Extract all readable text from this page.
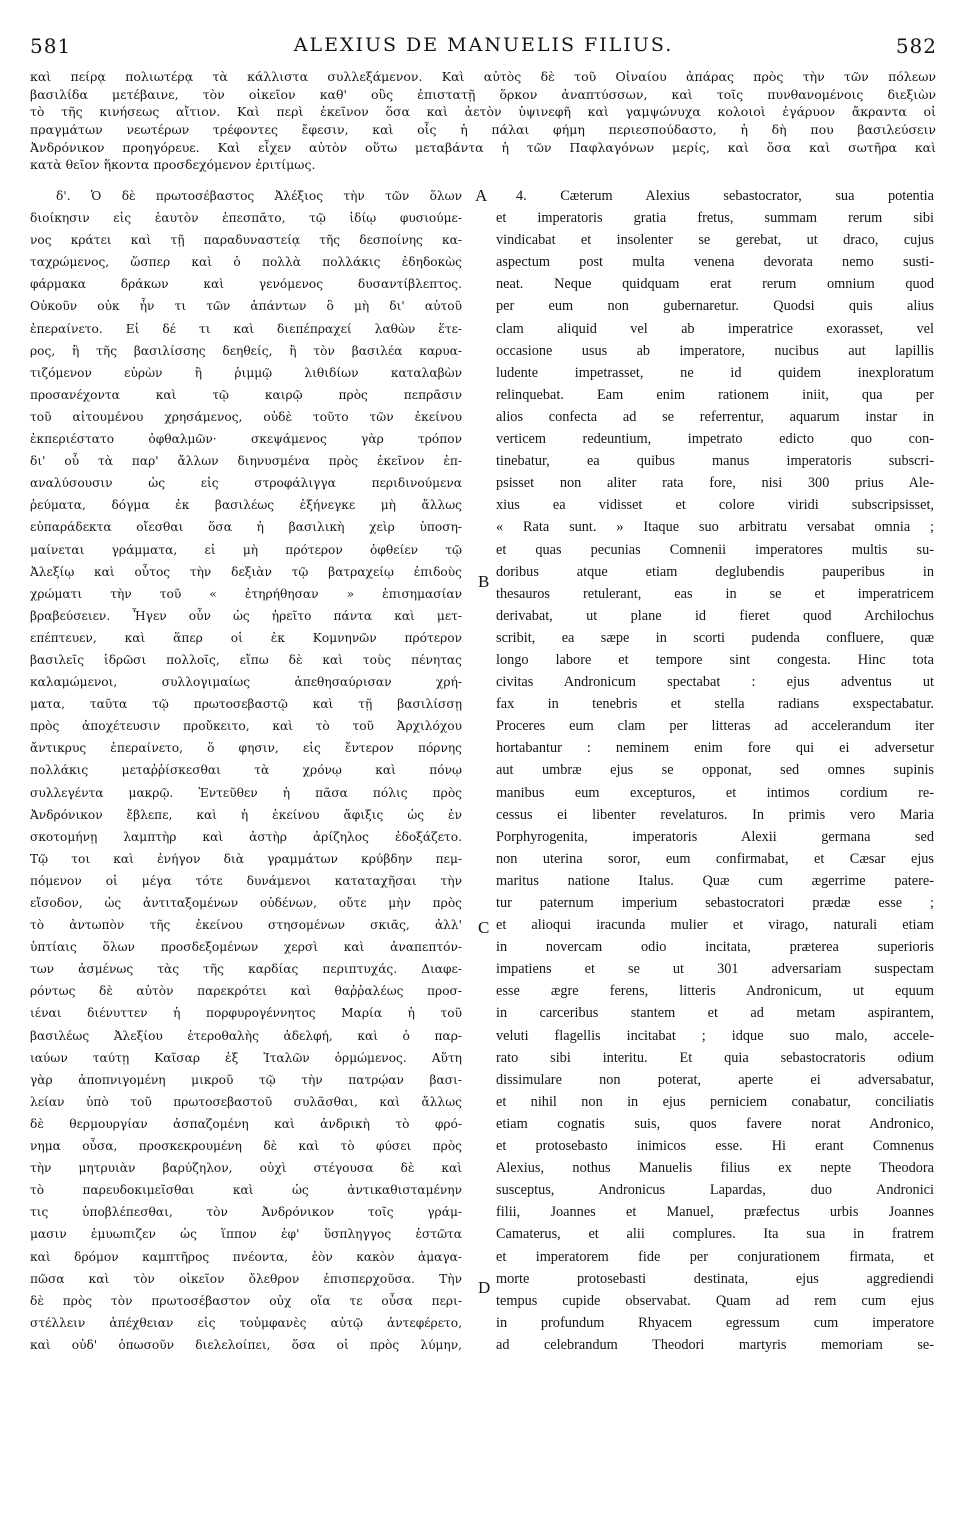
581	ALEXIUS DE MANUELIS FILIUS.	582
καὶ πείρᾳ πολιωτέρᾳ τὰ κάλλιστα συλλεξάμενον. Καὶ αὐτὸς δὲ τοῦ Οἰναίου ἀπάρας πρὸς τὴν τῶν πόλεων
βασιλίδα μετέβαινε, τὸν οἰκεῖον καθ' οὓς ἐπιστατῇ ὅρκον ἀναπτύσσων, καὶ τοῖς πυνθανομένοις διεξιὼν
τὸ τῆς κινήσεως αἴτιον. Καὶ περὶ ἐκεῖνον ὅσα καὶ ἀετὸν ὑψινεφῆ καὶ γαμψώνυχα κολοιοὶ ἐγάρυον ἄκραντα οἱ
πραγμάτων νεωτέρων τρέφοντες ἔφεσιν, καὶ οἷς ἡ πάλαι φήμη περιεσπούδαστο, ἡ δὴ που βασιλεύσειν
Ἀνδρόνικον προηγόρευε. Καὶ εἶχεν αὐτὸν οὕτω μεταβάντα ἡ τῶν Παφλαγόνων μερίς, καὶ ὅσα καὶ σωτῆρα καὶ
κατὰ θεῖον ἥκοντα προσδεχόμενον ἐριτίμως.
δ'. Ὁ δὲ πρωτοσέβαστος Ἀλέξιος τὴν τῶν ὅλων
διοίκησιν εἰς ἑαυτὸν ἐπεσπᾶτο, τῷ ἰδίῳ φυσιούμε-
νος κράτει καὶ τῇ παραδυναστείᾳ τῆς δεσποίνης κα-
ταχρώμενος, ὥσπερ καὶ ὁ πολλὰ πολλάκις ἐδηδοκὼς
φάρμακα δράκων καὶ γενόμενος δυσαντίβλεπτος.
Οὐκοῦν οὐκ ἦν τι τῶν ἁπάντων ὃ μὴ δι' αὐτοῦ
ἐπεραίνετο. Εἰ δέ τι καὶ διεπέπραχεί λαθὼν ἕτε-
ρος, ἢ τῆς βασιλίσσης δεηθείς, ἢ τὸν βασιλέα καρυα-
τιζόμενον εὑρὼν ἢ ῥιμμῷ λιθιδίων καταλαβὼν
προσανέχοντα καὶ τῷ καιρῷ πρὸς πεπρᾶσιν
τοῦ αἰτουμένου χρησάμενος, οὐδὲ τοῦτο τῶν ἐκείνου
ἐκπεριέστατο ὀφθαλμῶν· σκεψάμενος γὰρ τρόπον
δι' οὗ τὰ παρ' ἄλλων διηνυσμένα πρὸς ἐκεῖνον ἐπ-
αναλύσουσιν ὡς εἰς στροφάλιγγα περιδινούμενα
ῥεύματα, δόγμα ἐκ βασιλέως ἐξήνεγκε μὴ ἄλλως
εὐπαράδεκτα οἴεσθαι ὅσα ἡ βασιλικὴ χεὶρ ὑποση-
μαίνεται γράμματα, εἰ μὴ πρότερον ὀφθείεν τῷ
Ἀλεξίῳ καὶ οὗτος τὴν δεξιὰν τῷ βατραχείῳ ἐπιδοὺς
χρώματι τὴν τοῦ « ἐτηρήθησαν » ἐπισημασίαν
βραβεύσειεν. Ἦγεν οὖν ὡς ἡρεῖτο πάντα καὶ μετ-
επέπτευεν, καὶ ἅπερ οἱ ἐκ Κομνηνῶν πρότερον
βασιλεῖς ἱδρῶσι πολλοῖς, εἴπω δὲ καὶ τοὺς πένητας
καλαμώμενοι, συλλογιμαίως ἀπεθησαύρισαν χρή-
ματα, ταῦτα τῷ πρωτοσεβαστῷ καὶ τῇ βασιλίσσῃ
πρὸς ἀποχέτευσιν προὔκειτο, καὶ τὸ τοῦ Ἀρχιλόχου
ἄντικρυς ἐπεραίνετο, ὅ φησιν, εἰς ἔντερον πόρνης
πολλάκις μεταῤῥίσκεσθαι τὰ χρόνῳ καὶ πόνῳ
συλλεγέντα μακρῷ. Ἐντεῦθεν ἡ πᾶσα πόλις πρὸς
Ἀνδρόνικον ἔβλεπε, καὶ ἡ ἐκείνου ἄφιξις ὡς ἐν
σκοτομήνῃ λαμπτὴρ καὶ ἀστὴρ ἀρίζηλος ἐδοξάζετο.
Τῷ τοι καὶ ἐνήγον διὰ γραμμάτων κρύβδην πεμ-
πόμενον οἱ μέγα τότε δυνάμενοι καταταχῆσαι τὴν
εἴσοδον, ὡς ἀντιταξομένων οὐδένων, οὔτε μὴν πρὸς
τὸ ἀντωπὸν τῆς ἐκείνου στησομένων σκιᾶς, ἀλλ'
ὑπτίαις ὅλων προσδεξομένων χερσὶ καὶ ἀναπεπτόν-
των ἀσμένως τὰς τῆς καρδίας περιπτυχάς. Διαφε-
ρόντως δὲ αὐτὸν παρεκρότει καὶ θαῤῥαλέως προσ-
ιέναι διένυττεν ἡ πορφυρογέννητος Μαρία ἡ τοῦ
βασιλέως Ἀλεξίου ἑτεροθαλὴς ἀδελφή, καὶ ὁ παρ-
ιαύων ταύτῃ Καῖσαρ ἐξ Ἰταλῶν ὁρμώμενος. Αὕτη
γὰρ ἀποπνιγομένη μικροῦ τῷ τὴν πατρῴαν βασι-
λείαν ὑπὸ τοῦ πρωτοσεβαστοῦ συλᾶσθαι, καὶ ἄλλως
δὲ θερμουργίαν ἀσπαζομένη καὶ ἀνδρικὴ τὸ φρό-
νημα οὖσα, προσκεκρουμένη δὲ καὶ τὸ φύσει πρὸς
τὴν μητρυιὰν βαρύζηλον, οὐχὶ στέγουσα δὲ καὶ
τὸ παρευδοκιμεῖσθαι καὶ ὡς ἀντικαθισταμένην
τις ὑποβλέπεσθαι, τὸν Ἀνδρόνικον τοῖς γράμ-
μασιν ἐμυωπιζεν ὡς ἵππον ἐφ' ὕσπληγγος ἑστῶτα
καὶ δρόμον καμπτῆρος πνέοντα, ἐὸν κακὸν ἀμαγα-
πῶσα καὶ τὸν οἰκεῖον ὄλεθρον ἐπισπερχοῦσα. Τὴν
δὲ πρὸς τὸν πρωτοσέβαστον οὐχ οἵα τε οὖσα περι-
στέλλειν ἀπέχθειαν εἰς τοὐμφανὲς αὐτῷ ἀντεφέρετο,
καὶ οὐδ' ὁπωσοῦν διελελοίπει, ὅσα οἱ πρὸς λύμην,
4. Cæterum Alexius sebastocrator, sua potentia
et imperatoris gratia fretus, summam rerum sibi
vindicabat et insolenter se gerebat, ut draco, cujus
aspectum post multa venena devorata nemo susti-
neat. Neque quidquam erat rerum omnium quod
per eum non gubernaretur. Quodsi quis alius
clam aliquid vel ab imperatrice exorasset, vel
occasione usus ab imperatore, nucibus aut lapillis
ludente impetrasset, ne id quidem inexploratum
relinquebat. Eam enim rationem iniit, qua per
alios confecta ad se referrentur, aquarum instar in
verticem redeuntium, impetrato edicto quo con-
tinebatur, ea quibus manus imperatoris subscri-
psisset non aliter rata fore, nisi 300 prius Ale-
xius ea vidisset et colore viridi subscripsisset,
« Rata sunt. » Itaque suo arbitratu versabat omnia ;
et quas pecunias Comnenii imperatores multis su-
doribus atque etiam deglubendis pauperibus in
thesauros retulerant, eas in se et imperatricem
derivabat, ut plane id fieret quod Archilochus
scribit, ea sæpe in scorti pudenda confluere, quæ
longo labore et tempore sint congesta. Hinc tota
civitas Andronicum spectabat : ejus adventus ut
fax in tenebris et stella radians exspectabatur.
Proceres eum clam per litteras ad accelerandum iter
hortabantur : neminem enim fore qui ei adversetur
aut umbræ ejus se opponat, sed omnes supinis
manibus eum excepturos, et intimos cordium re-
cessus ei libenter revelaturos. In primis vero Maria
Porphyrogenita, imperatoris Alexii germana sed
non uterina soror, eum confirmabat, et Cæsar ejus
maritus natione Italus. Quæ cum ægerrime patere-
tur paternum imperium sebastocratori prædæ esse ;
et alioqui iracunda mulier et virago, naturali etiam
in novercam odio incitata, præterea superioris
impatiens et se ut 301 adversariam suspectam
esse ægre ferens, litteris Andronicum, ut equum
in carceribus stantem et ad metam aspirantem,
veluti flagellis incitabat ; idque suo malo, accele-
rato sibi interitu. Et quia sebastocratoris odium
dissimulare non poterat, aperte ei adversabatur,
et nihil non in ejus perniciem conabatur, conciliatis
etiam cognatis suis, quos favere norat Andronico,
et protosebasto inimicos esse. Hi erant Comnenus
Alexius, nothus Manuelis filius ex nepte Theodora
susceptus, Andronicus Lapardas, duo Andronici
filii, Joannes et Manuel, præfectus urbis Joannes
Camaterus, et alii complures. Ita sua in fratrem
et imperatorem fide per conjurationem firmata, et
morte protosebasti destinata, ejus aggrediendi
tempus cupide observabat. Quam ad rem cum ejus
in profundum Rhyacem egressum cum imperatore
ad celebrandum Theodori martyris memoriam se-
A
B
C
D
